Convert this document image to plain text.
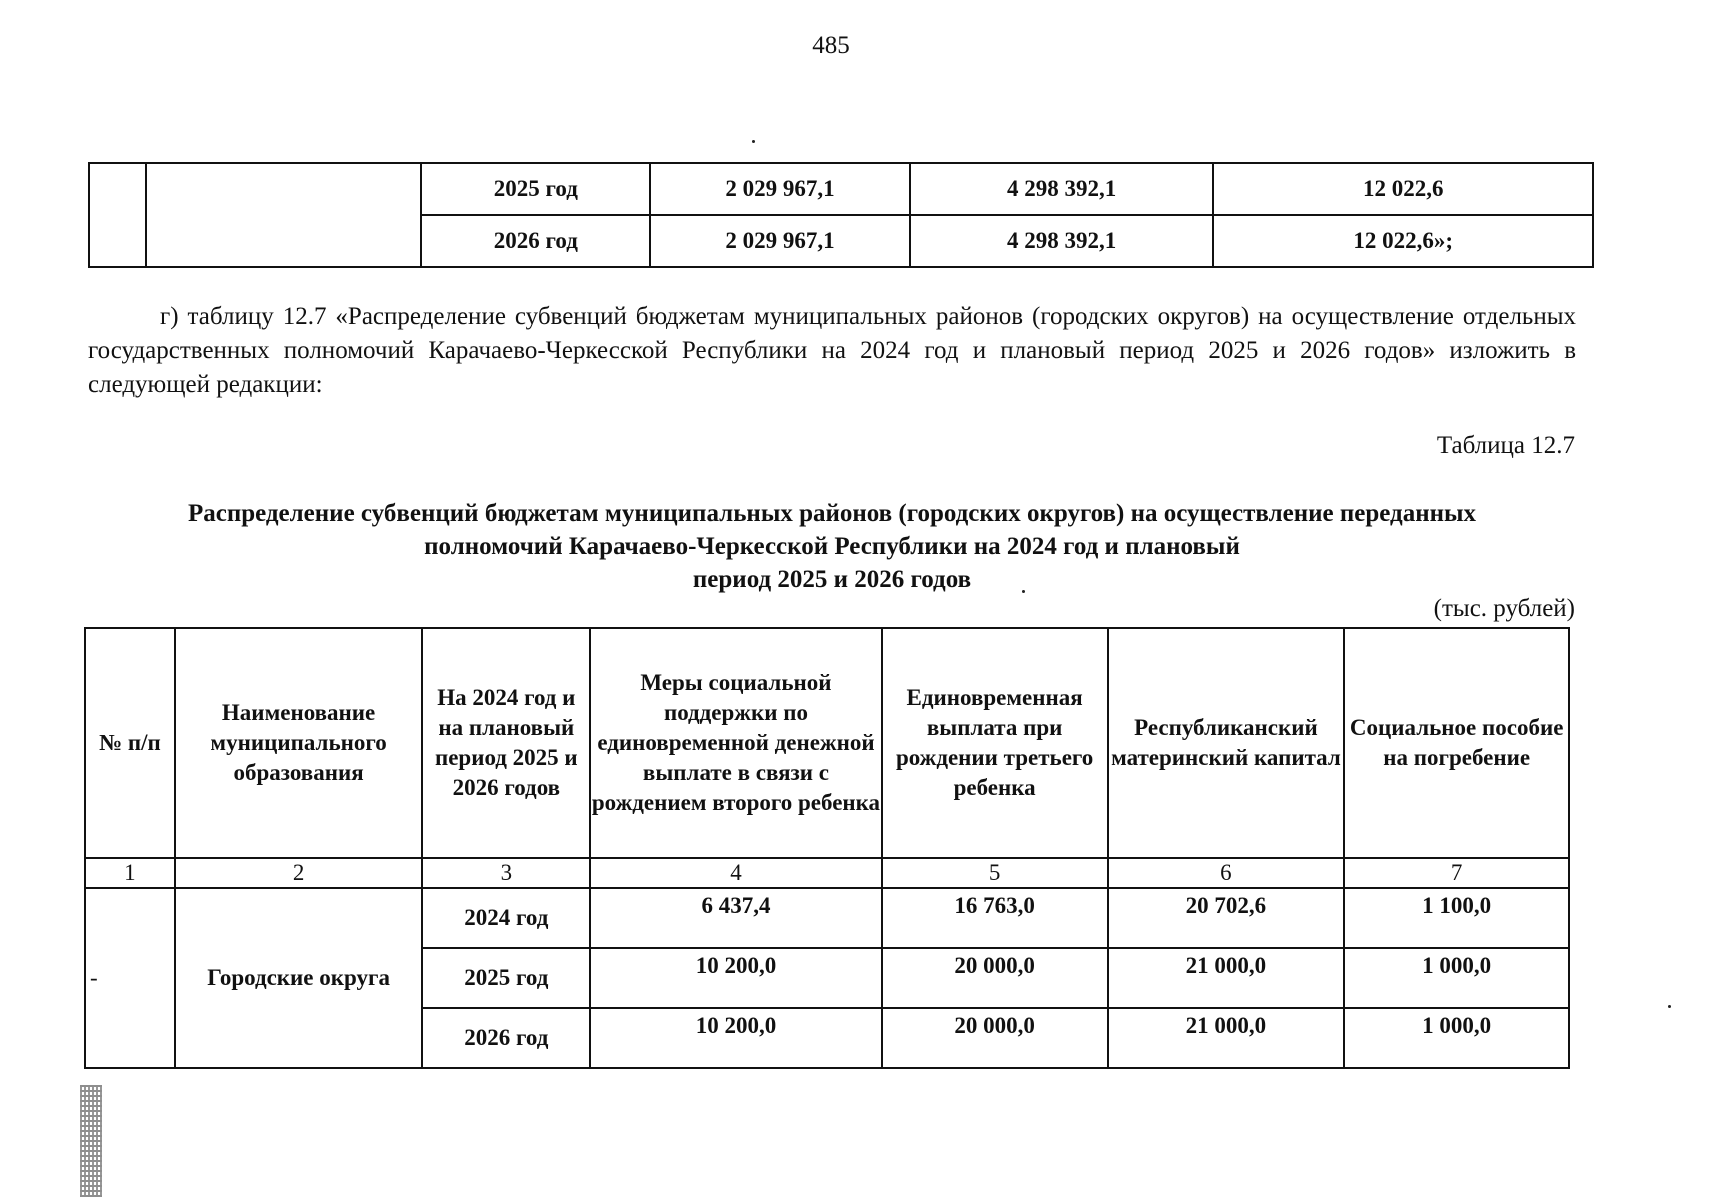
485
		2025 год	2 029 967,1	4 298 392,1	12 022,6
		2026 год	2 029 967,1	4 298 392,1	12 022,6»;
г) таблицу 12.7 «Распределение субвенций бюджетам муниципальных районов (городских округов) на осуществление отдельных государственных полномочий Карачаево-Черкесской Республики на 2024 год и плановый период 2025 и 2026 годов» изложить в следующей редакции:
Таблица 12.7
Распределение субвенций бюджетам муниципальных районов (городских округов) на осуществление переданных
полномочий Карачаево-Черкесской Республики на 2024 год и плановый
период 2025 и 2026 годов
(тыс. рублей)
№ п/п	Наименование муниципального образования	На 2024 год и на плановый период 2025 и 2026 годов	Меры социальной поддержки по единовременной денежной выплате в связи с рождением второго ребенка	Единовременная выплата при рождении третьего ребенка	Республиканский материнский капитал	Социальное пособие на погребение
1	2	3	4	5	6	7
-	Городские округа	2024 год	6 437,4	16 763,0	20 702,6	1 100,0
		2025 год	10 200,0	20 000,0	21 000,0	1 000,0
		2026 год	10 200,0	20 000,0	21 000,0	1 000,0
